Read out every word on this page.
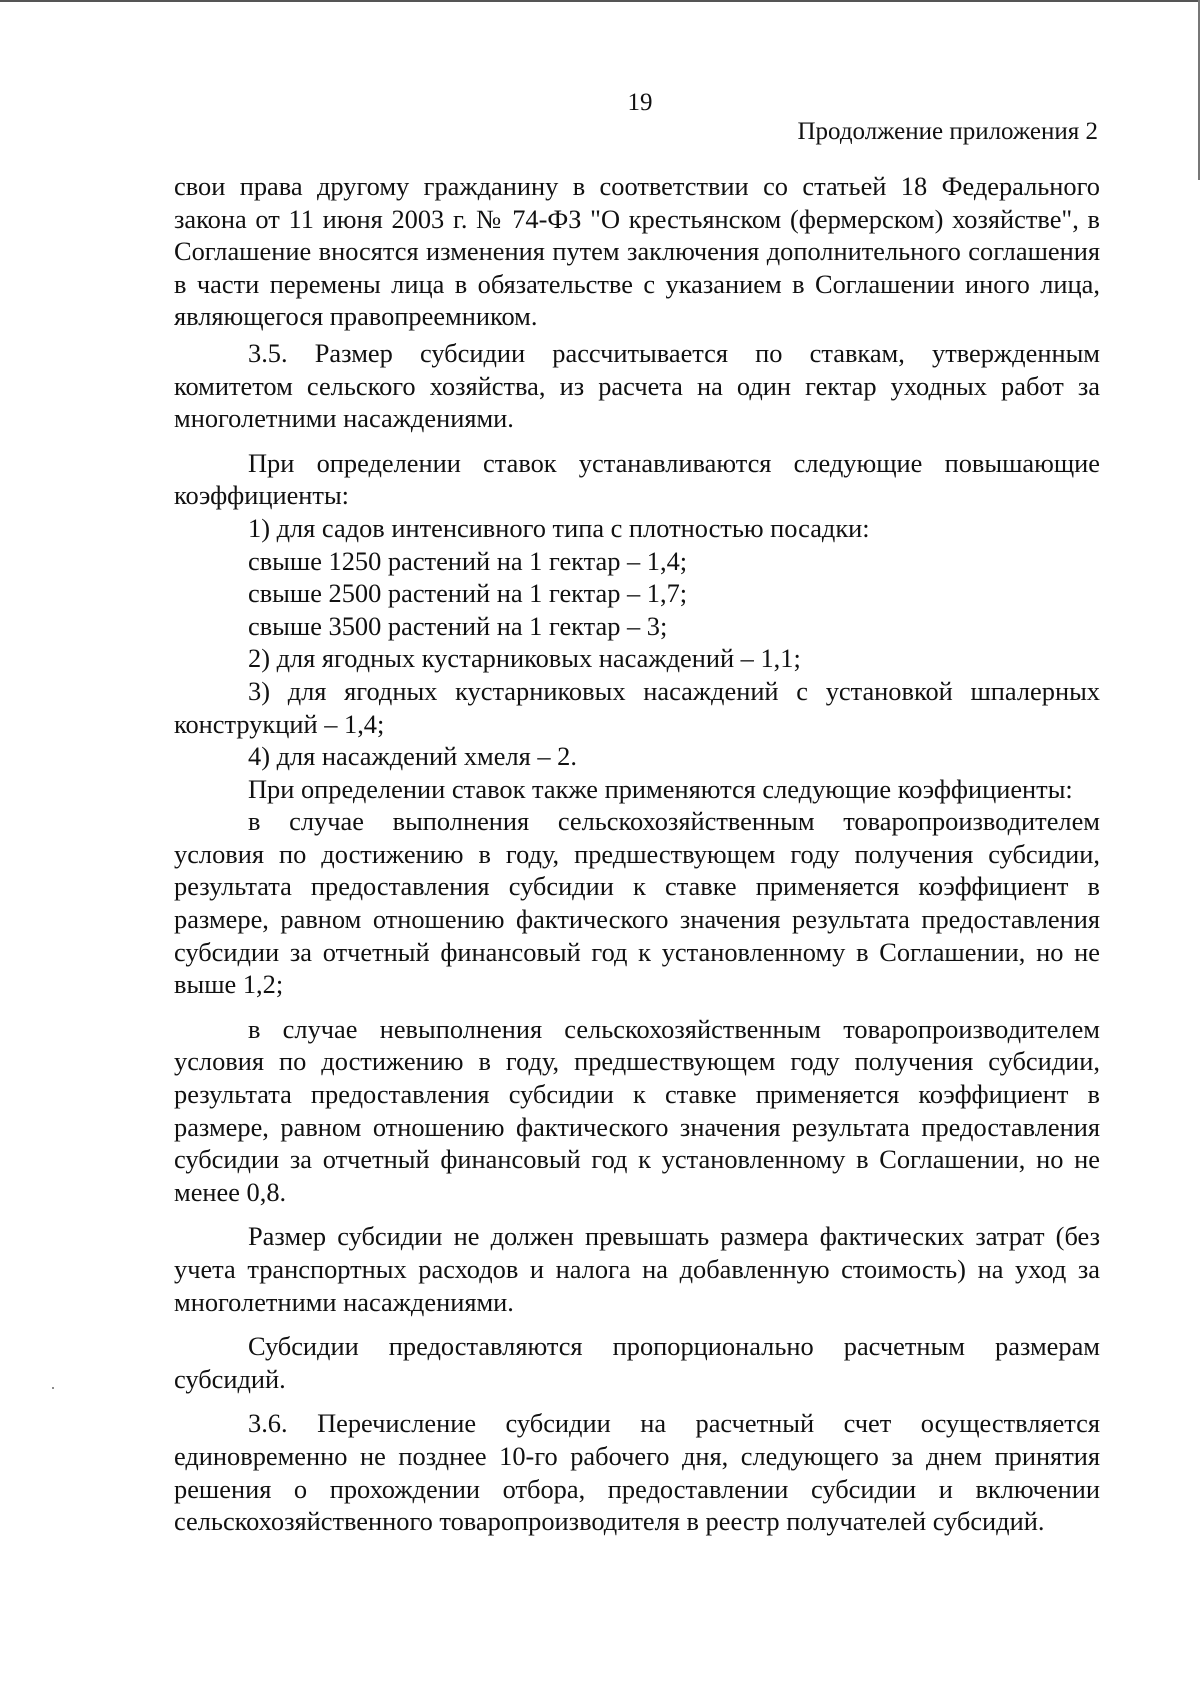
19
Продолжение приложения 2

свои права другому гражданину в соответствии со статьей 18 Федерального закона от 11 июня 2003 г. № 74-ФЗ "О крестьянском (фермерском) хозяйстве", в Соглашение вносятся изменения путем заключения дополнительного соглашения в части перемены лица в обязательстве с указанием в Соглашении иного лица, являющегося правопреемником.

3.5. Размер субсидии рассчитывается по ставкам, утвержденным комитетом сельского хозяйства, из расчета на один гектар уходных работ за многолетними насаждениями.

При определении ставок устанавливаются следующие повышающие коэффициенты:

1) для садов интенсивного типа с плотностью посадки:

свыше 1250 растений на 1 гектар – 1,4;

свыше 2500 растений на 1 гектар – 1,7;

свыше 3500 растений на 1 гектар – 3;

2) для ягодных кустарниковых насаждений – 1,1;

3) для ягодных кустарниковых насаждений с установкой шпалерных конструкций – 1,4;

4) для насаждений хмеля – 2.

При определении ставок также применяются следующие коэффициенты:

в случае выполнения сельскохозяйственным товаропроизводителем условия по достижению в году, предшествующем году получения субсидии, результата предоставления субсидии к ставке применяется коэффициент в размере, равном отношению фактического значения результата предоставления субсидии за отчетный финансовый год к установленному в Соглашении, но не выше 1,2;

в случае невыполнения сельскохозяйственным товаропроизводителем условия по достижению в году, предшествующем году получения субсидии, результата предоставления субсидии к ставке применяется коэффициент в размере, равном отношению фактического значения результата предоставления субсидии за отчетный финансовый год к установленному в Соглашении, но не менее 0,8.

Размер субсидии не должен превышать размера фактических затрат (без учета транспортных расходов и налога на добавленную стоимость) на уход за многолетними насаждениями.

Субсидии предоставляются пропорционально расчетным размерам субсидий.

3.6. Перечисление субсидии на расчетный счет осуществляется единовременно не позднее 10-го рабочего дня, следующего за днем принятия решения о прохождении отбора, предоставлении субсидии и включении сельскохозяйственного товаропроизводителя в реестр получателей субсидий.
